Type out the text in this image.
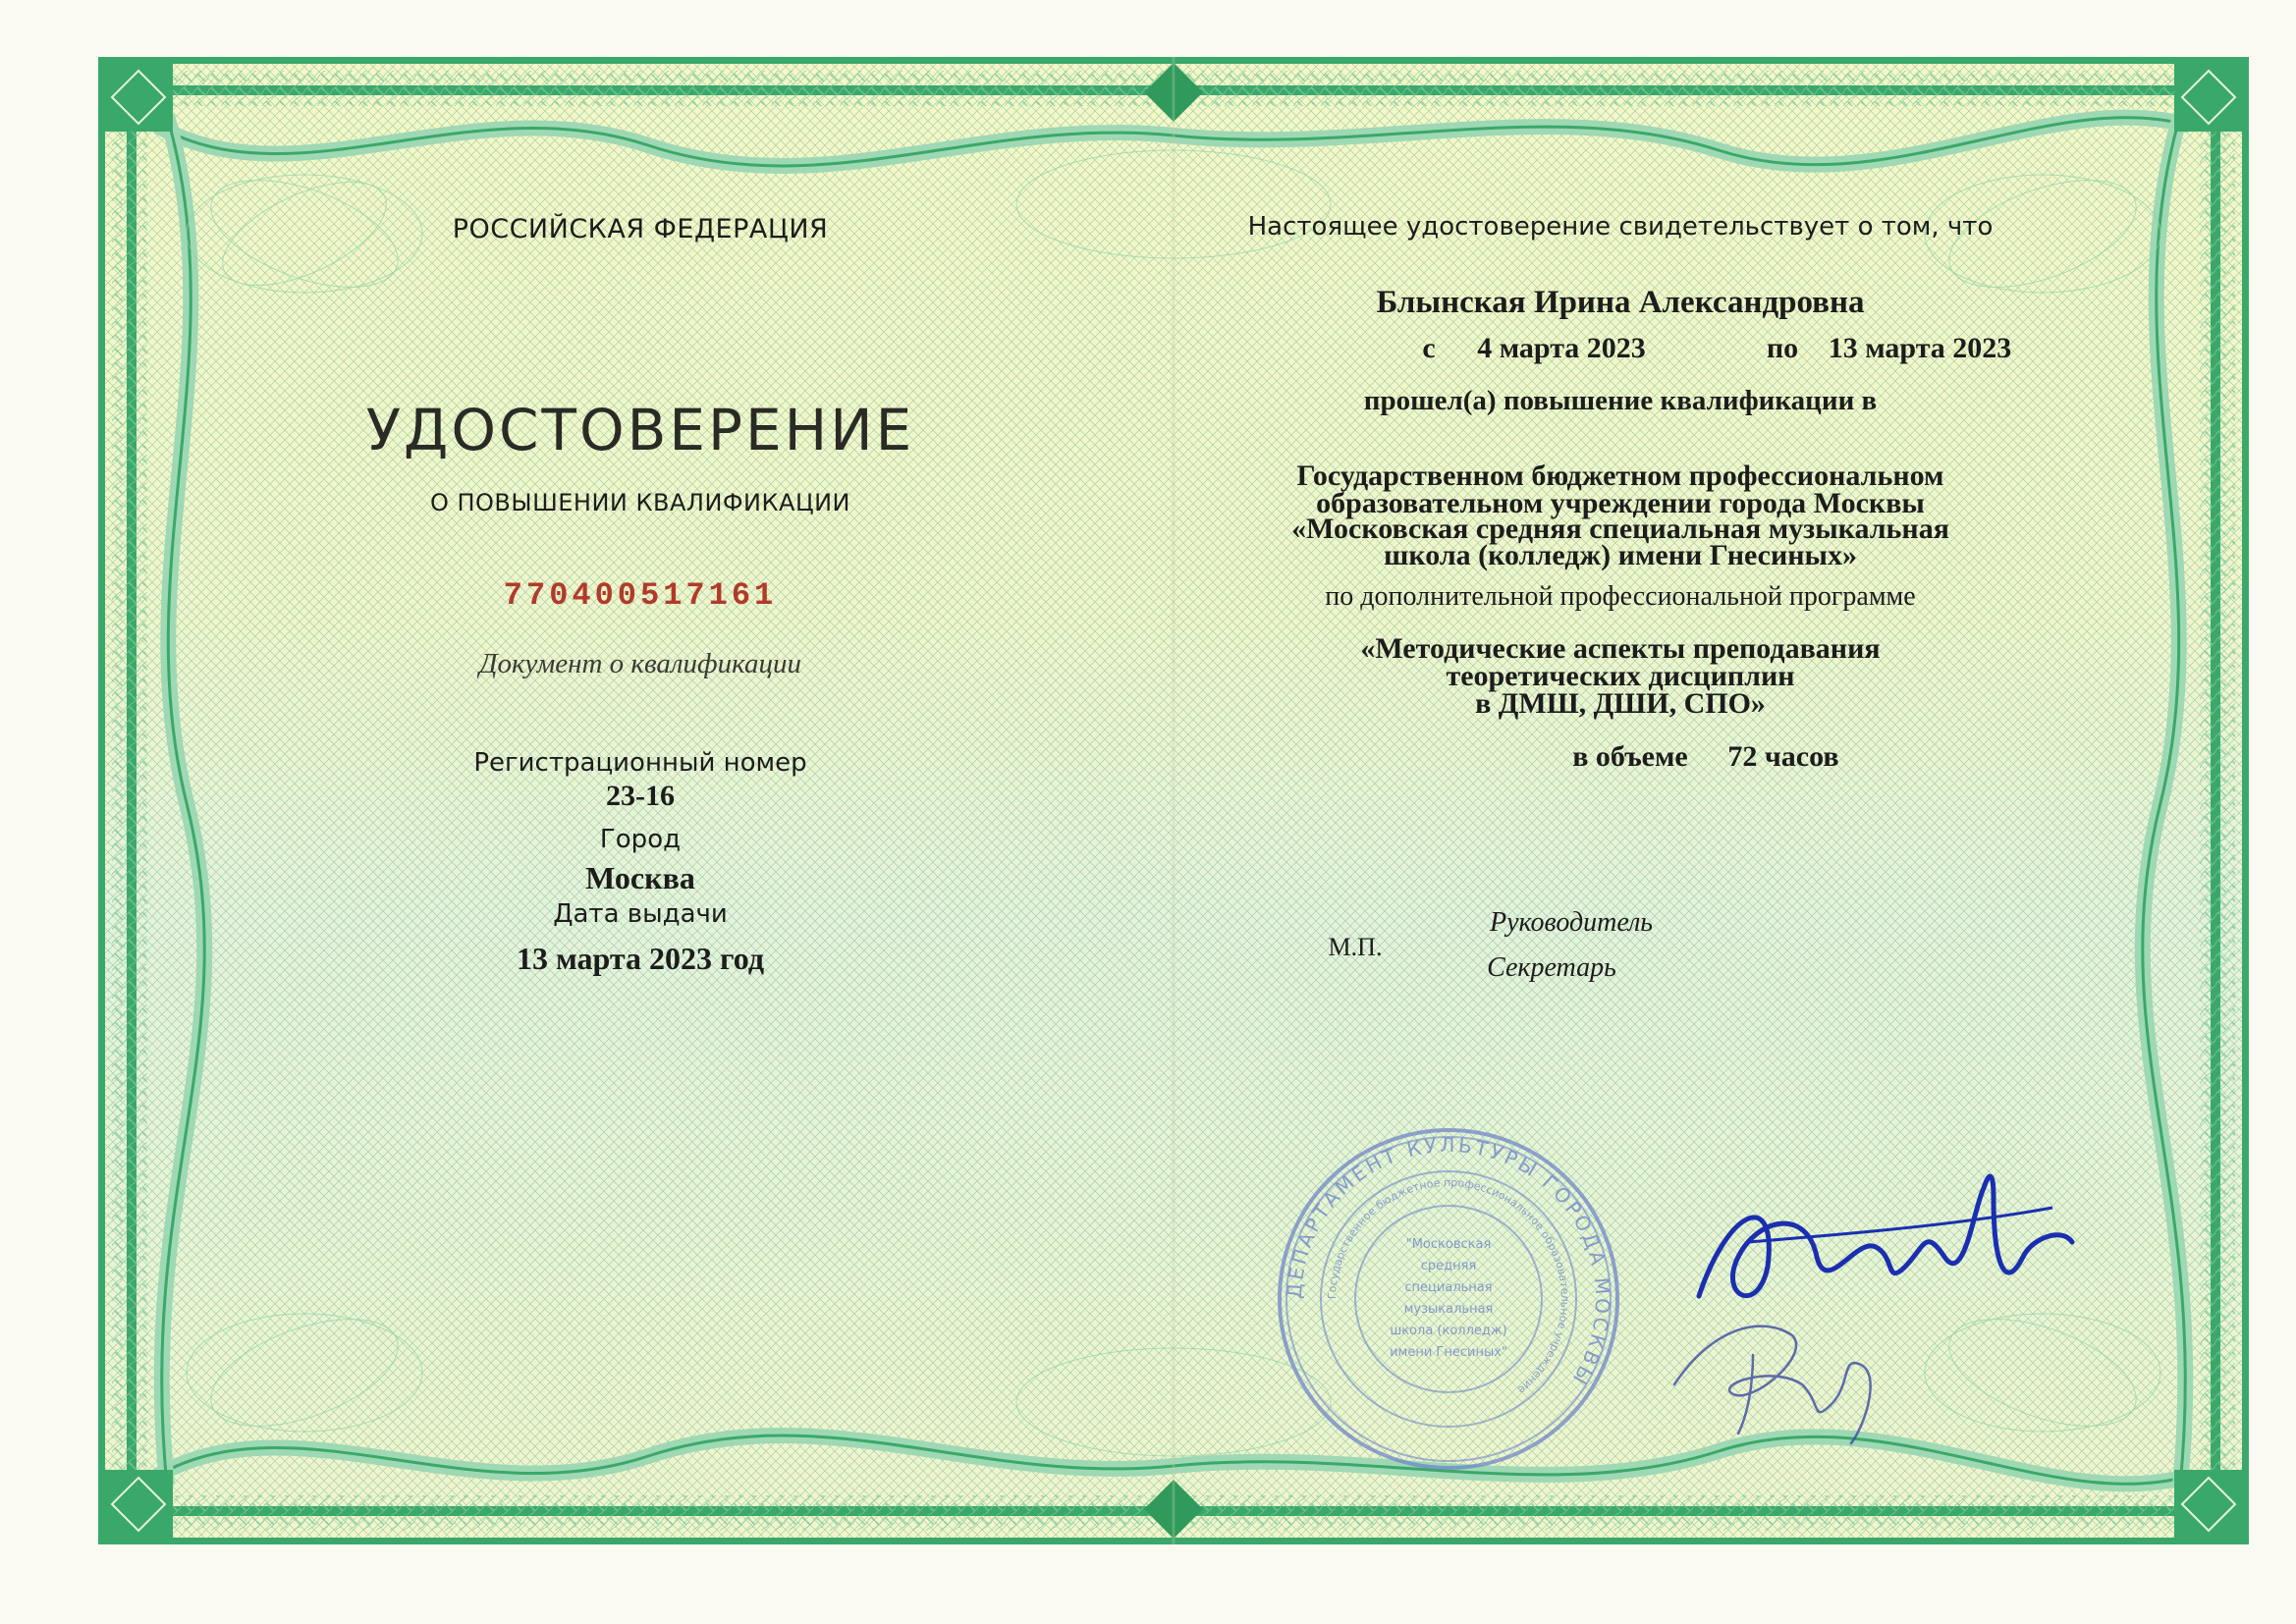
РОССИЙСКАЯ ФЕДЕРАЦИЯ
УДОСТОВЕРЕНИЕ
О ПОВЫШЕНИИ КВАЛИФИКАЦИИ
770400517161
Документ о квалификации
Регистрационный номер
23-16
Город
Москва
Дата выдачи
13 марта 2023 год
Настоящее удостоверение свидетельствует о том, что
Блынская Ирина Александровна
с	4 марта 2023	по	13 марта 2023
прошел(а) повышение квалификации в
Государственном бюджетном профессиональном
образовательном учреждении города Москвы
«Московская средняя специальная музыкальная
школа (колледж) имени Гнесиных»
по дополнительной профессиональной программе
«Методические аспекты преподавания
теоретических дисциплин
в ДМШ, ДШИ, СПО»
в объеме	72 часов
М.П.
Руководитель
Секретарь
ДЕПАРТАМЕНТ КУЛЬТУРЫ ГОРОДА МОСКВЫ
Государственное бюджетное профессиональное образовательное учреждение
"Московская
средняя
специальная
музыкальная
школа (колледж)
имени Гнесиных"
